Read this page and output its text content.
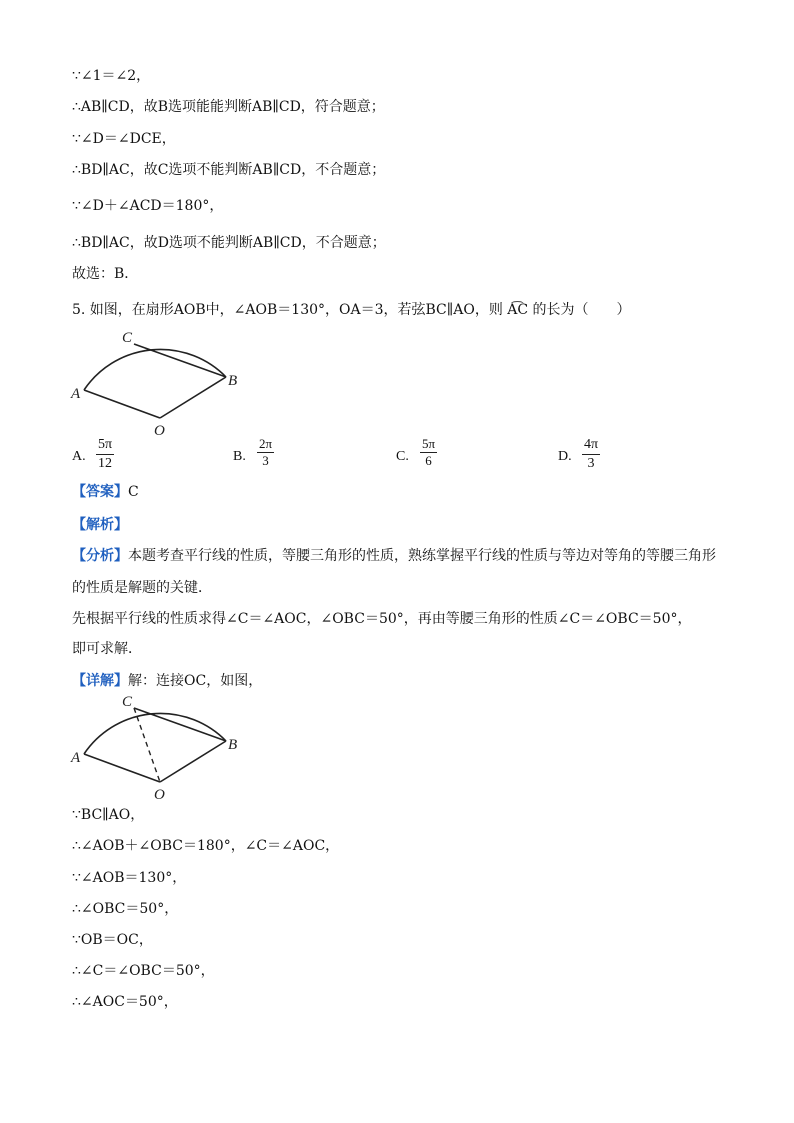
∵∠1＝∠2，
∴AB∥CD，故B选项能能判断AB∥CD，符合题意；
∵∠D＝∠DCE，
∴BD∥AC，故C选项不能判断AB∥CD，不合题意；
∵∠D＋∠ACD＝180°，
∴BD∥AC，故D选项不能判断AB∥CD，不合题意；
故选：B．
5. 如图，在扇形AOB中，∠AOB＝130°，OA＝3，若弦BC∥AO，则 A͡C 的长为（　　）
C
B
A
O
A.
5π
12	B.
2π
3	C.
5π
6	D.
4π
3
【答案】C
【解析】
【分析】本题考查平行线的性质，等腰三角形的性质，熟练掌握平行线的性质与等边对等角的等腰三角形
的性质是解题的关键．
先根据平行线的性质求得∠C＝∠AOC，∠OBC＝50°，再由等腰三角形的性质∠C＝∠OBC＝50°，
即可求解．
【详解】解：连接OC，如图，
C
B
A
O
∵BC∥AO，
∴∠AOB＋∠OBC＝180°，∠C＝∠AOC，
∵∠AOB＝130°，
∴∠OBC＝50°，
∵OB＝OC，
∴∠C＝∠OBC＝50°，
∴∠AOC＝50°，
